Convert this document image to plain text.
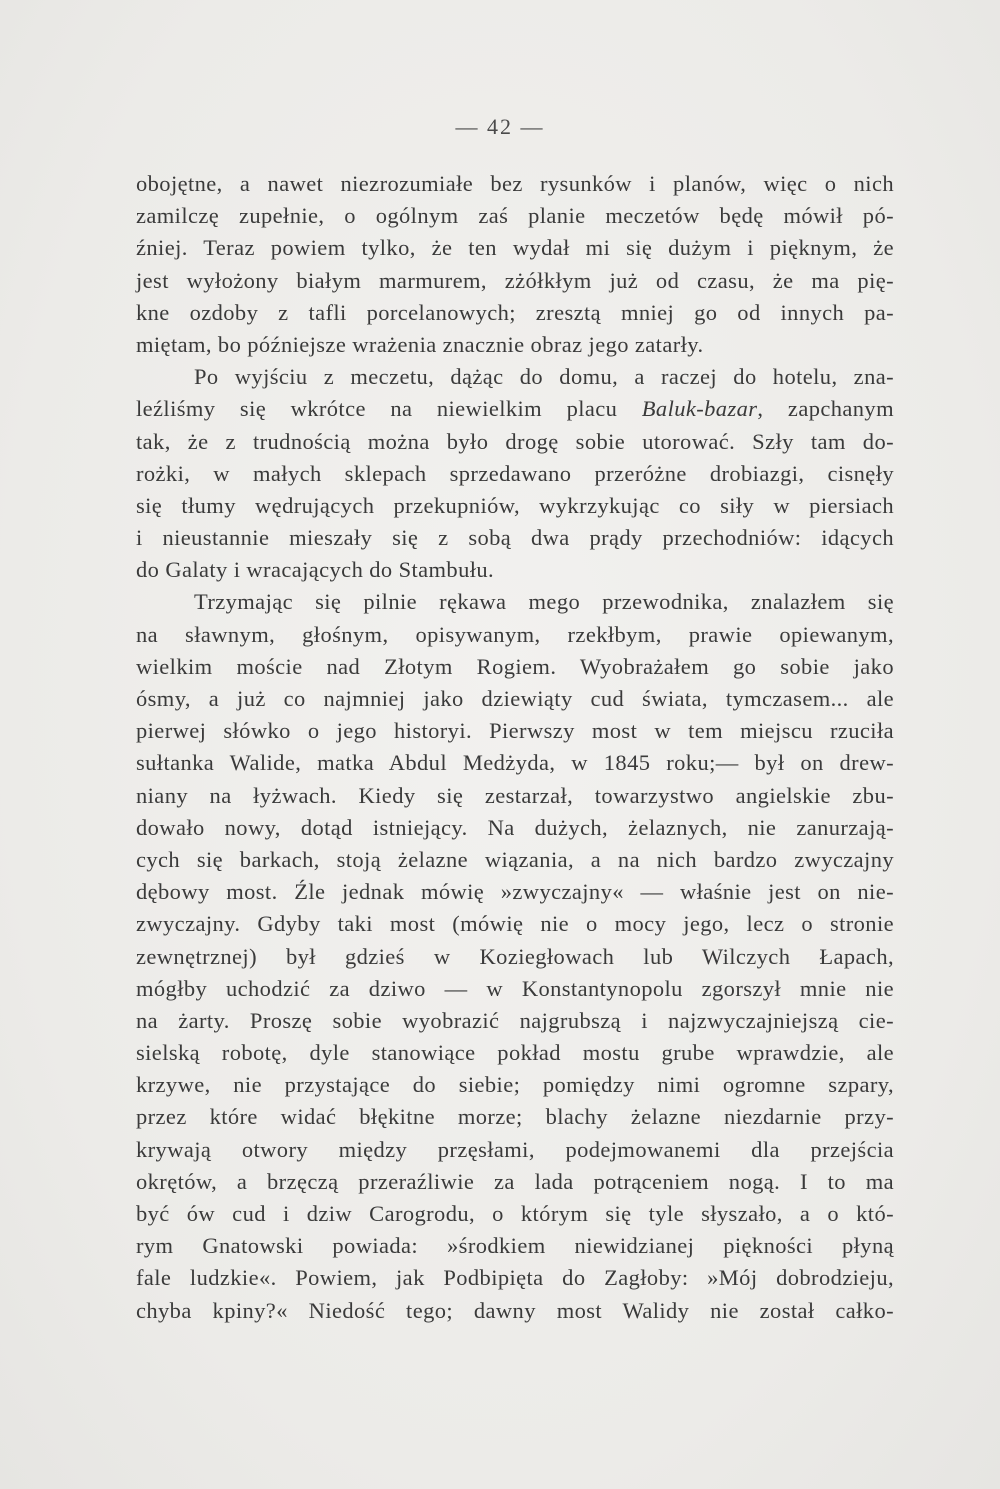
— 42 —
obojętne, a nawet niezrozumiałe bez rysunków i planów, więc o nich
zamilczę zupełnie, o ogólnym zaś planie meczetów będę mówił pó-
źniej. Teraz powiem tylko, że ten wydał mi się dużym i pięknym, że
jest wyłożony białym marmurem, zżółkłym już od czasu, że ma pię-
kne ozdoby z tafli porcelanowych; zresztą mniej go od innych pa-
miętam, bo późniejsze wrażenia znacznie obraz jego zatarły.
Po wyjściu z meczetu, dążąc do domu, a raczej do hotelu, zna-
leźliśmy się wkrótce na niewielkim placu Baluk-bazar, zapchanym
tak, że z trudnością można było drogę sobie utorować. Szły tam do-
rożki, w małych sklepach sprzedawano przeróżne drobiazgi, cisnęły
się tłumy wędrujących przekupniów, wykrzykując co siły w piersiach
i nieustannie mieszały się z sobą dwa prądy przechodniów: idących
do Galaty i wracających do Stambułu.
Trzymając się pilnie rękawa mego przewodnika, znalazłem się
na sławnym, głośnym, opisywanym, rzekłbym, prawie opiewanym,
wielkim moście nad Złotym Rogiem. Wyobrażałem go sobie jako
ósmy, a już co najmniej jako dziewiąty cud świata, tymczasem... ale
pierwej słówko o jego historyi. Pierwszy most w tem miejscu rzuciła
sułtanka Walide, matka Abdul Medżyda, w 1845 roku;— był on drew-
niany na łyżwach. Kiedy się zestarzał, towarzystwo angielskie zbu-
dowało nowy, dotąd istniejący. Na dużych, żelaznych, nie zanurzają-
cych się barkach, stoją żelazne wiązania, a na nich bardzo zwyczajny
dębowy most. Źle jednak mówię »zwyczajny« — właśnie jest on nie-
zwyczajny. Gdyby taki most (mówię nie o mocy jego, lecz o stronie
zewnętrznej) był gdzieś w Koziegłowach lub Wilczych Łapach,
mógłby uchodzić za dziwo — w Konstantynopolu zgorszył mnie nie
na żarty. Proszę sobie wyobrazić najgrubszą i najzwyczajniejszą cie-
sielską robotę, dyle stanowiące pokład mostu grube wprawdzie, ale
krzywe, nie przystające do siebie; pomiędzy nimi ogromne szpary,
przez które widać błękitne morze; blachy żelazne niezdarnie przy-
krywają otwory między przęsłami, podejmowanemi dla przejścia
okrętów, a brzęczą przeraźliwie za lada potrąceniem nogą. I to ma
być ów cud i dziw Carogrodu, o którym się tyle słyszało, a o któ-
rym Gnatowski powiada: »środkiem niewidzianej piękności płyną
fale ludzkie«. Powiem, jak Podbipięta do Zagłoby: »Mój dobrodzieju,
chyba kpiny?« Niedość tego; dawny most Walidy nie został całko-
